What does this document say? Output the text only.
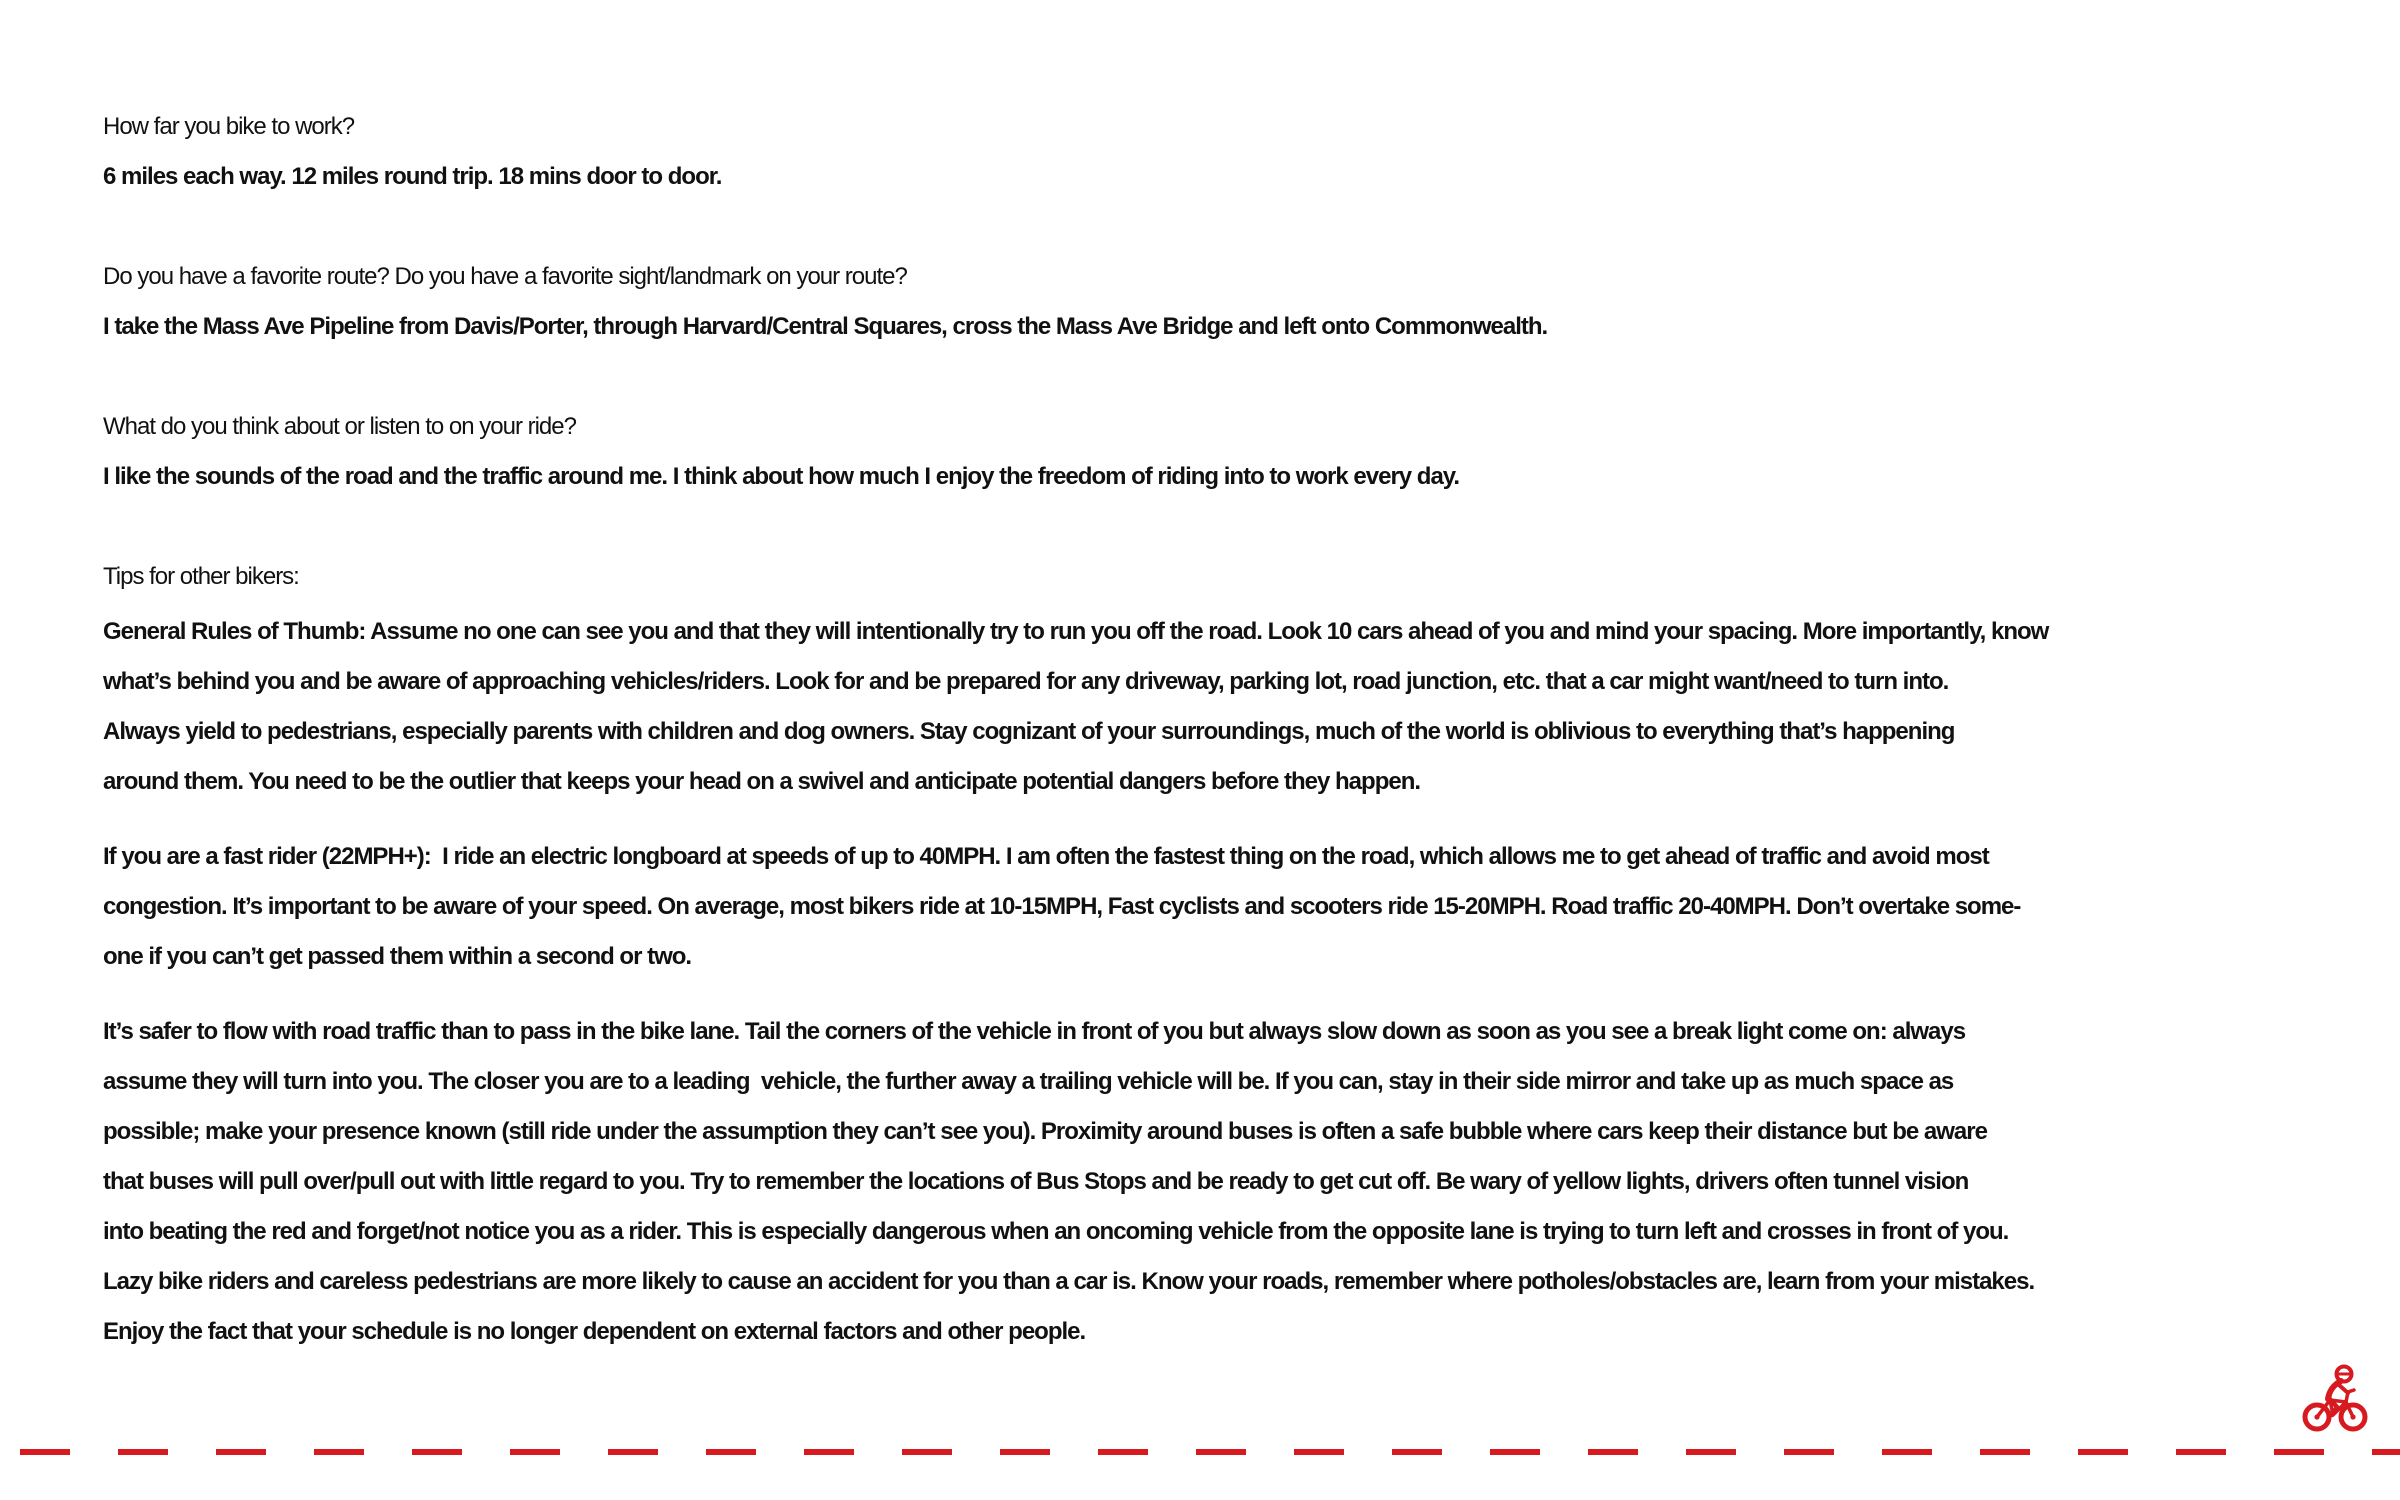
How far you bike to work?
6 miles each way. 12 miles round trip. 18 mins door to door.
Do you have a favorite route? Do you have a favorite sight/landmark on your route?
I take the Mass Ave Pipeline from Davis/Porter, through Harvard/Central Squares, cross the Mass Ave Bridge and left onto Commonwealth.
What do you think about or listen to on your ride?
I like the sounds of the road and the traffic around me. I think about how much I enjoy the freedom of riding into to work every day.
Tips for other bikers:
General Rules of Thumb: Assume no one can see you and that they will intentionally try to run you off the road. Look 10 cars ahead of you and mind your spacing. More importantly, know
what’s behind you and be aware of approaching vehicles/riders. Look for and be prepared for any driveway, parking lot, road junction, etc. that a car might want/need to turn into.
Always yield to pedestrians, especially parents with children and dog owners. Stay cognizant of your surroundings, much of the world is oblivious to everything that’s happening
around them. You need to be the outlier that keeps your head on a swivel and anticipate potential dangers before they happen.
If you are a fast rider (22MPH+):  I ride an electric longboard at speeds of up to 40MPH. I am often the fastest thing on the road, which allows me to get ahead of traffic and avoid most
congestion. It’s important to be aware of your speed. On average, most bikers ride at 10-15MPH, Fast cyclists and scooters ride 15-20MPH. Road traffic 20-40MPH. Don’t overtake some-
one if you can’t get passed them within a second or two.
It’s safer to flow with road traffic than to pass in the bike lane. Tail the corners of the vehicle in front of you but always slow down as soon as you see a break light come on: always
assume they will turn into you. The closer you are to a leading  vehicle, the further away a trailing vehicle will be. If you can, stay in their side mirror and take up as much space as
possible; make your presence known (still ride under the assumption they can’t see you). Proximity around buses is often a safe bubble where cars keep their distance but be aware
that buses will pull over/pull out with little regard to you. Try to remember the locations of Bus Stops and be ready to get cut off. Be wary of yellow lights, drivers often tunnel vision
into beating the red and forget/not notice you as a rider. This is especially dangerous when an oncoming vehicle from the opposite lane is trying to turn left and crosses in front of you.
Lazy bike riders and careless pedestrians are more likely to cause an accident for you than a car is. Know your roads, remember where potholes/obstacles are, learn from your mistakes.
Enjoy the fact that your schedule is no longer dependent on external factors and other people.
